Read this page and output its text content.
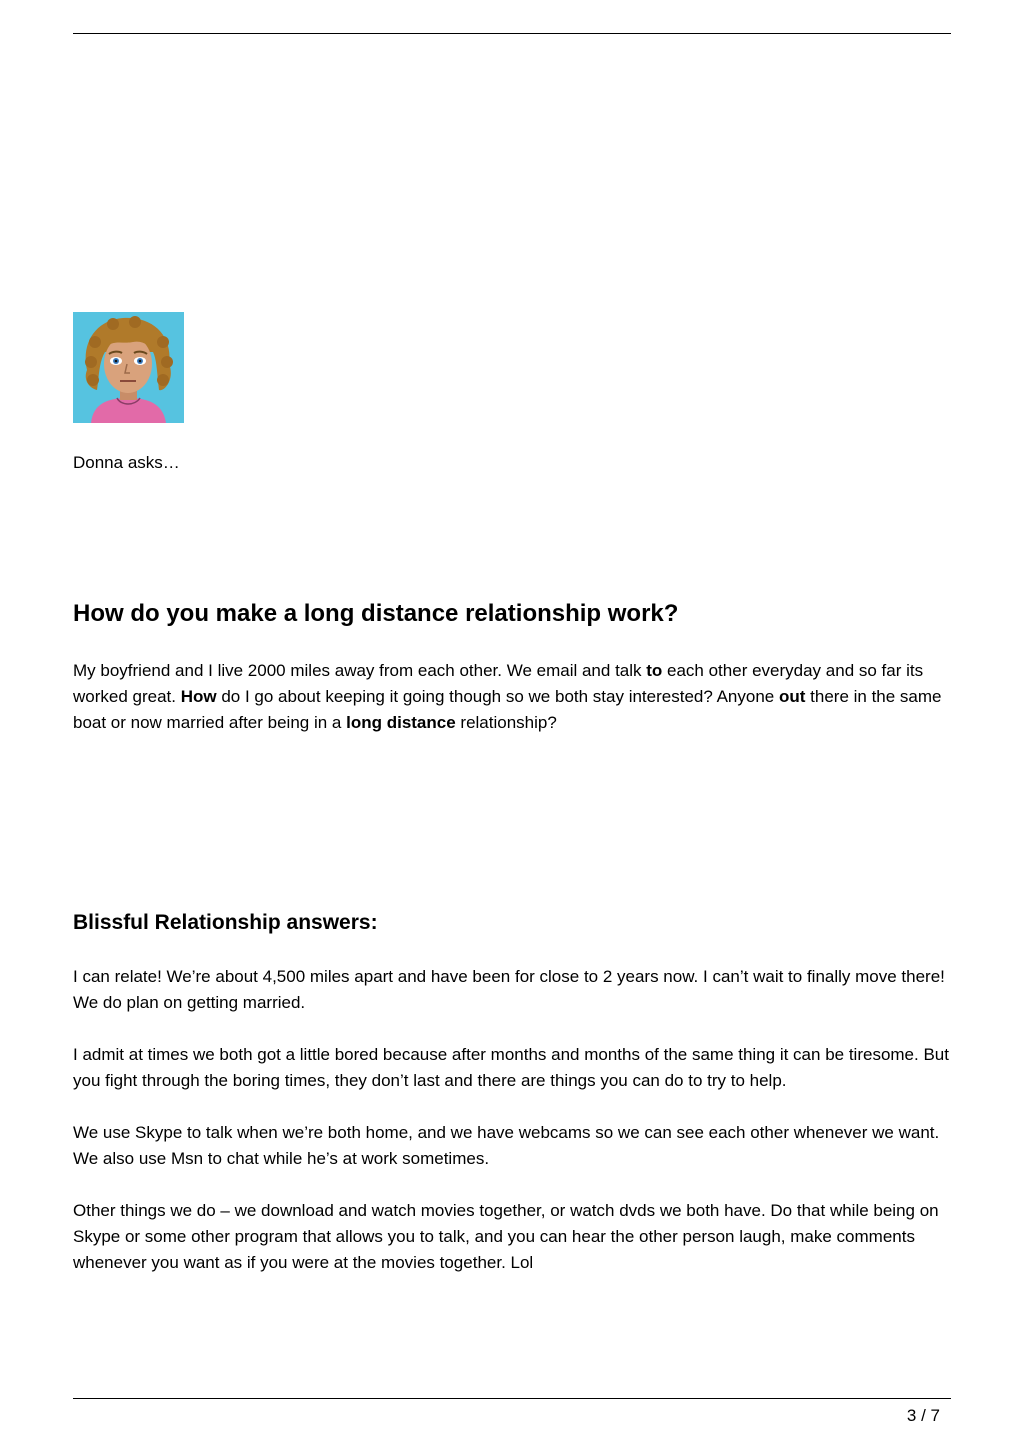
Donna asks…
How do you make a long distance relationship work?

My boyfriend and I live 2000 miles away from each other. We email and talk to each other everyday and so far its worked great. How do I go about keeping it going though so we both stay interested? Anyone out there in the same boat or now married after being in a long distance relationship?

Blissful Relationship answers:

I can relate! We’re about 4,500 miles apart and have been for close to 2 years now. I can’t wait to finally move there! We do plan on getting married.

I admit at times we both got a little bored because after months and months of the same thing it can be tiresome. But you fight through the boring times, they don’t last and there are things you can do to try to help.

We use Skype to talk when we’re both home, and we have webcams so we can see each other whenever we want. We also use Msn to chat while he’s at work sometimes.

Other things we do – we download and watch movies together, or watch dvds we both have. Do that while being on Skype or some other program that allows you to talk, and you can hear the other person laugh, make comments whenever you want as if you were at the movies together. Lol

3 / 7
